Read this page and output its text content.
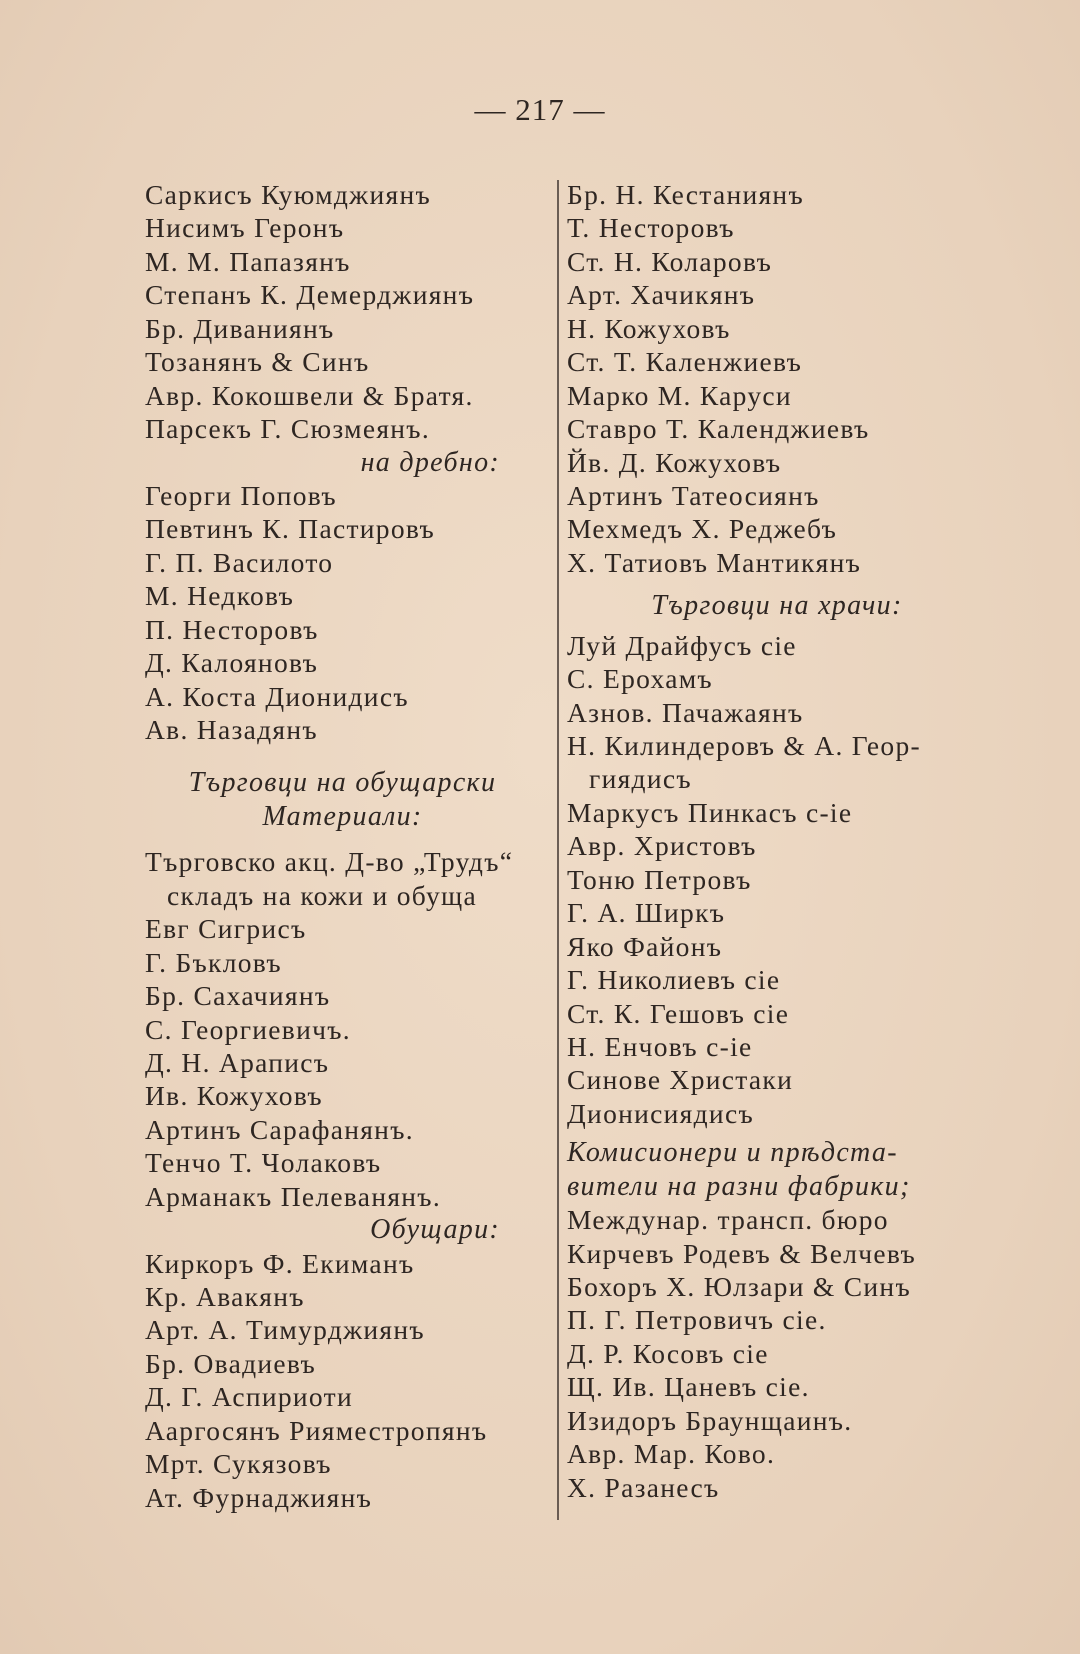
— 217 —
Саркисъ Куюмджиянъ
Нисимъ Геронъ
М. М. Папазянъ
Степанъ К. Демерджиянъ
Бр. Диваниянъ
Тозанянъ & Синъ
Авр. Кокошвели & Братя.
Парсекъ Г. Сюзмеянъ.
на дребно:
Георги Поповъ
Певтинъ К. Пастировъ
Г. П. Василото
М. Недковъ
П. Несторовъ
Д. Калояновъ
А. Коста Дионидисъ
Ав. Назадянъ
Търговци на обущарски
Материали:
Търговско акц. Д-во „Трудъ“
складъ на кожи и обуща
Евг Сигрисъ
Г. Бъкловъ
Бр. Сахачиянъ
С. Георгиевичъ.
Д. Н. Араписъ
Ив. Кожуховъ
Артинъ Сарафанянъ.
Тенчо Т. Чолаковъ
Арманакъ Пелеванянъ.
Обущари:
Киркоръ Ф. Екиманъ
Кр. Авакянъ
Арт. А. Тимурджиянъ
Бр. Овадиевъ
Д. Г. Аспириоти
Ааргосянъ Рияместропянъ
Мрт. Сукязовъ
Ат. Фурнаджиянъ
Бр. Н. Кестаниянъ
Т. Несторовъ
Ст. Н. Коларовъ
Арт. Хачикянъ
Н. Кожуховъ
Ст. Т. Каленжиевъ
Марко М. Каруси
Ставро Т. Календжиевъ
Йв. Д. Кожуховъ
Артинъ Татеосиянъ
Мехмедъ Х. Реджебъ
Х. Татиовъ Мантикянъ
Търговци на храчи:
Луй Драйфусъ cie
С. Ерохамъ
Азнов. Пачажаянъ
Н. Килиндеровъ & А. Геор-
гиядисъ
Маркусъ Пинкасъ c-ie
Авр. Христовъ
Тоню Петровъ
Г. А. Ширкъ
Яко Файонъ
Г. Николиевъ cie
Ст. К. Гешовъ cie
Н. Енчовъ c-ie
Синове Христаки
Дионисиядисъ
Комисионери и прѣдста-
вители на разни фабрики;
Междунар. трансп. бюро
Кирчевъ Родевъ & Велчевъ
Бохоръ Х. Юлзари & Синъ
П. Г. Петровичъ cie.
Д. Р. Косовъ cie
Щ. Ив. Цаневъ cie.
Изидоръ Браунщаинъ.
Авр. Мар. Ково.
Х. Разанесъ
